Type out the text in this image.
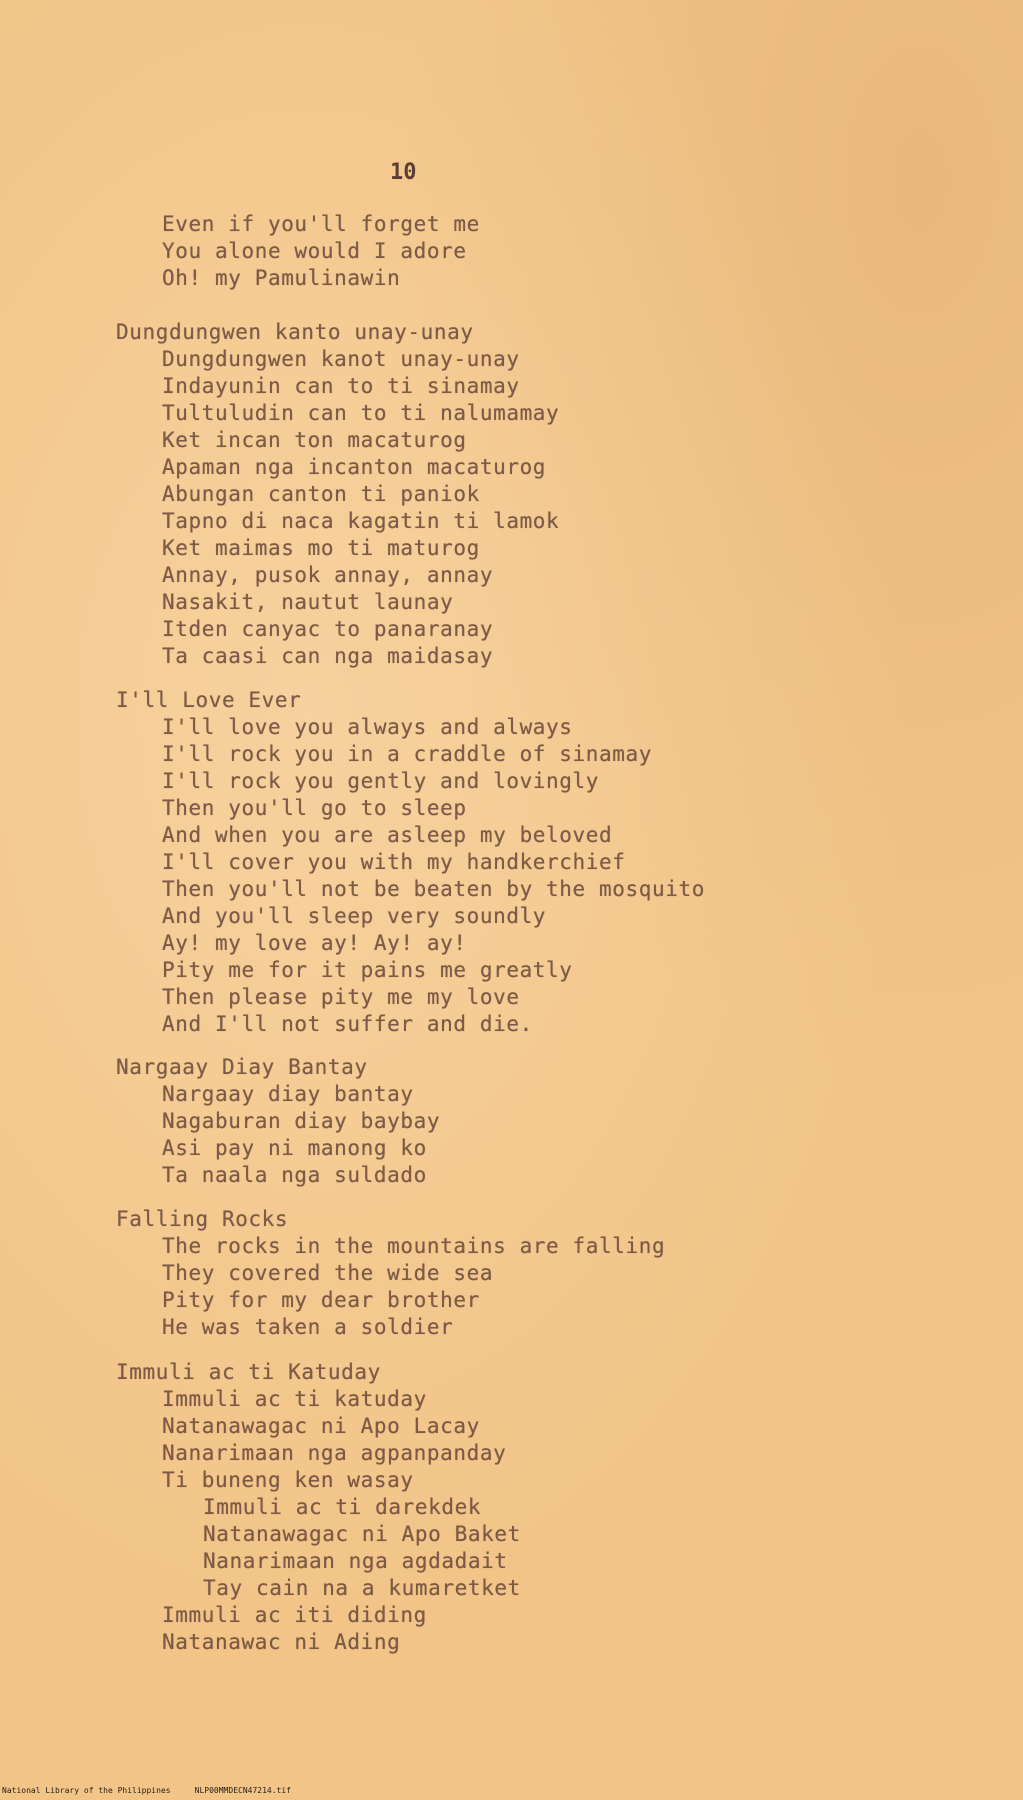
10
Even if you'll forget me
You alone would I adore
Oh! my Pamulinawin
Dungdungwen kanto unay-unay
Dungdungwen kanot unay-unay
Indayunin can to ti sinamay
Tultuludin can to ti nalumamay
Ket incan ton macaturog
Apaman nga incanton macaturog
Abungan canton ti paniok
Tapno di naca kagatin ti lamok
Ket maimas mo ti maturog
Annay, pusok annay, annay
Nasakit, nautut launay
Itden canyac to panaranay
Ta caasi can nga maidasay
I'll Love Ever
I'll love you always and always
I'll rock you in a craddle of sinamay
I'll rock you gently and lovingly
Then you'll go to sleep
And when you are asleep my beloved
I'll cover you with my handkerchief
Then you'll not be beaten by the mosquito
And you'll sleep very soundly
Ay! my love ay! Ay! ay!
Pity me for it pains me greatly
Then please pity me my love
And I'll not suffer and die.
Nargaay Diay Bantay
Nargaay diay bantay
Nagaburan diay baybay
Asi pay ni manong ko
Ta naala nga suldado
Falling Rocks
The rocks in the mountains are falling
They covered the wide sea
Pity for my dear brother
He was taken a soldier
Immuli ac ti Katuday
Immuli ac ti katuday
Natanawagac ni Apo Lacay
Nanarimaan nga agpanpanday
Ti buneng ken wasay
Immuli ac ti darekdek
Natanawagac ni Apo Baket
Nanarimaan nga agdadait
Tay cain na a kumaretket
Immuli ac iti diding
Natanawac ni Ading
National Library of the Philippines     NLP00MMDECN47214.tif
